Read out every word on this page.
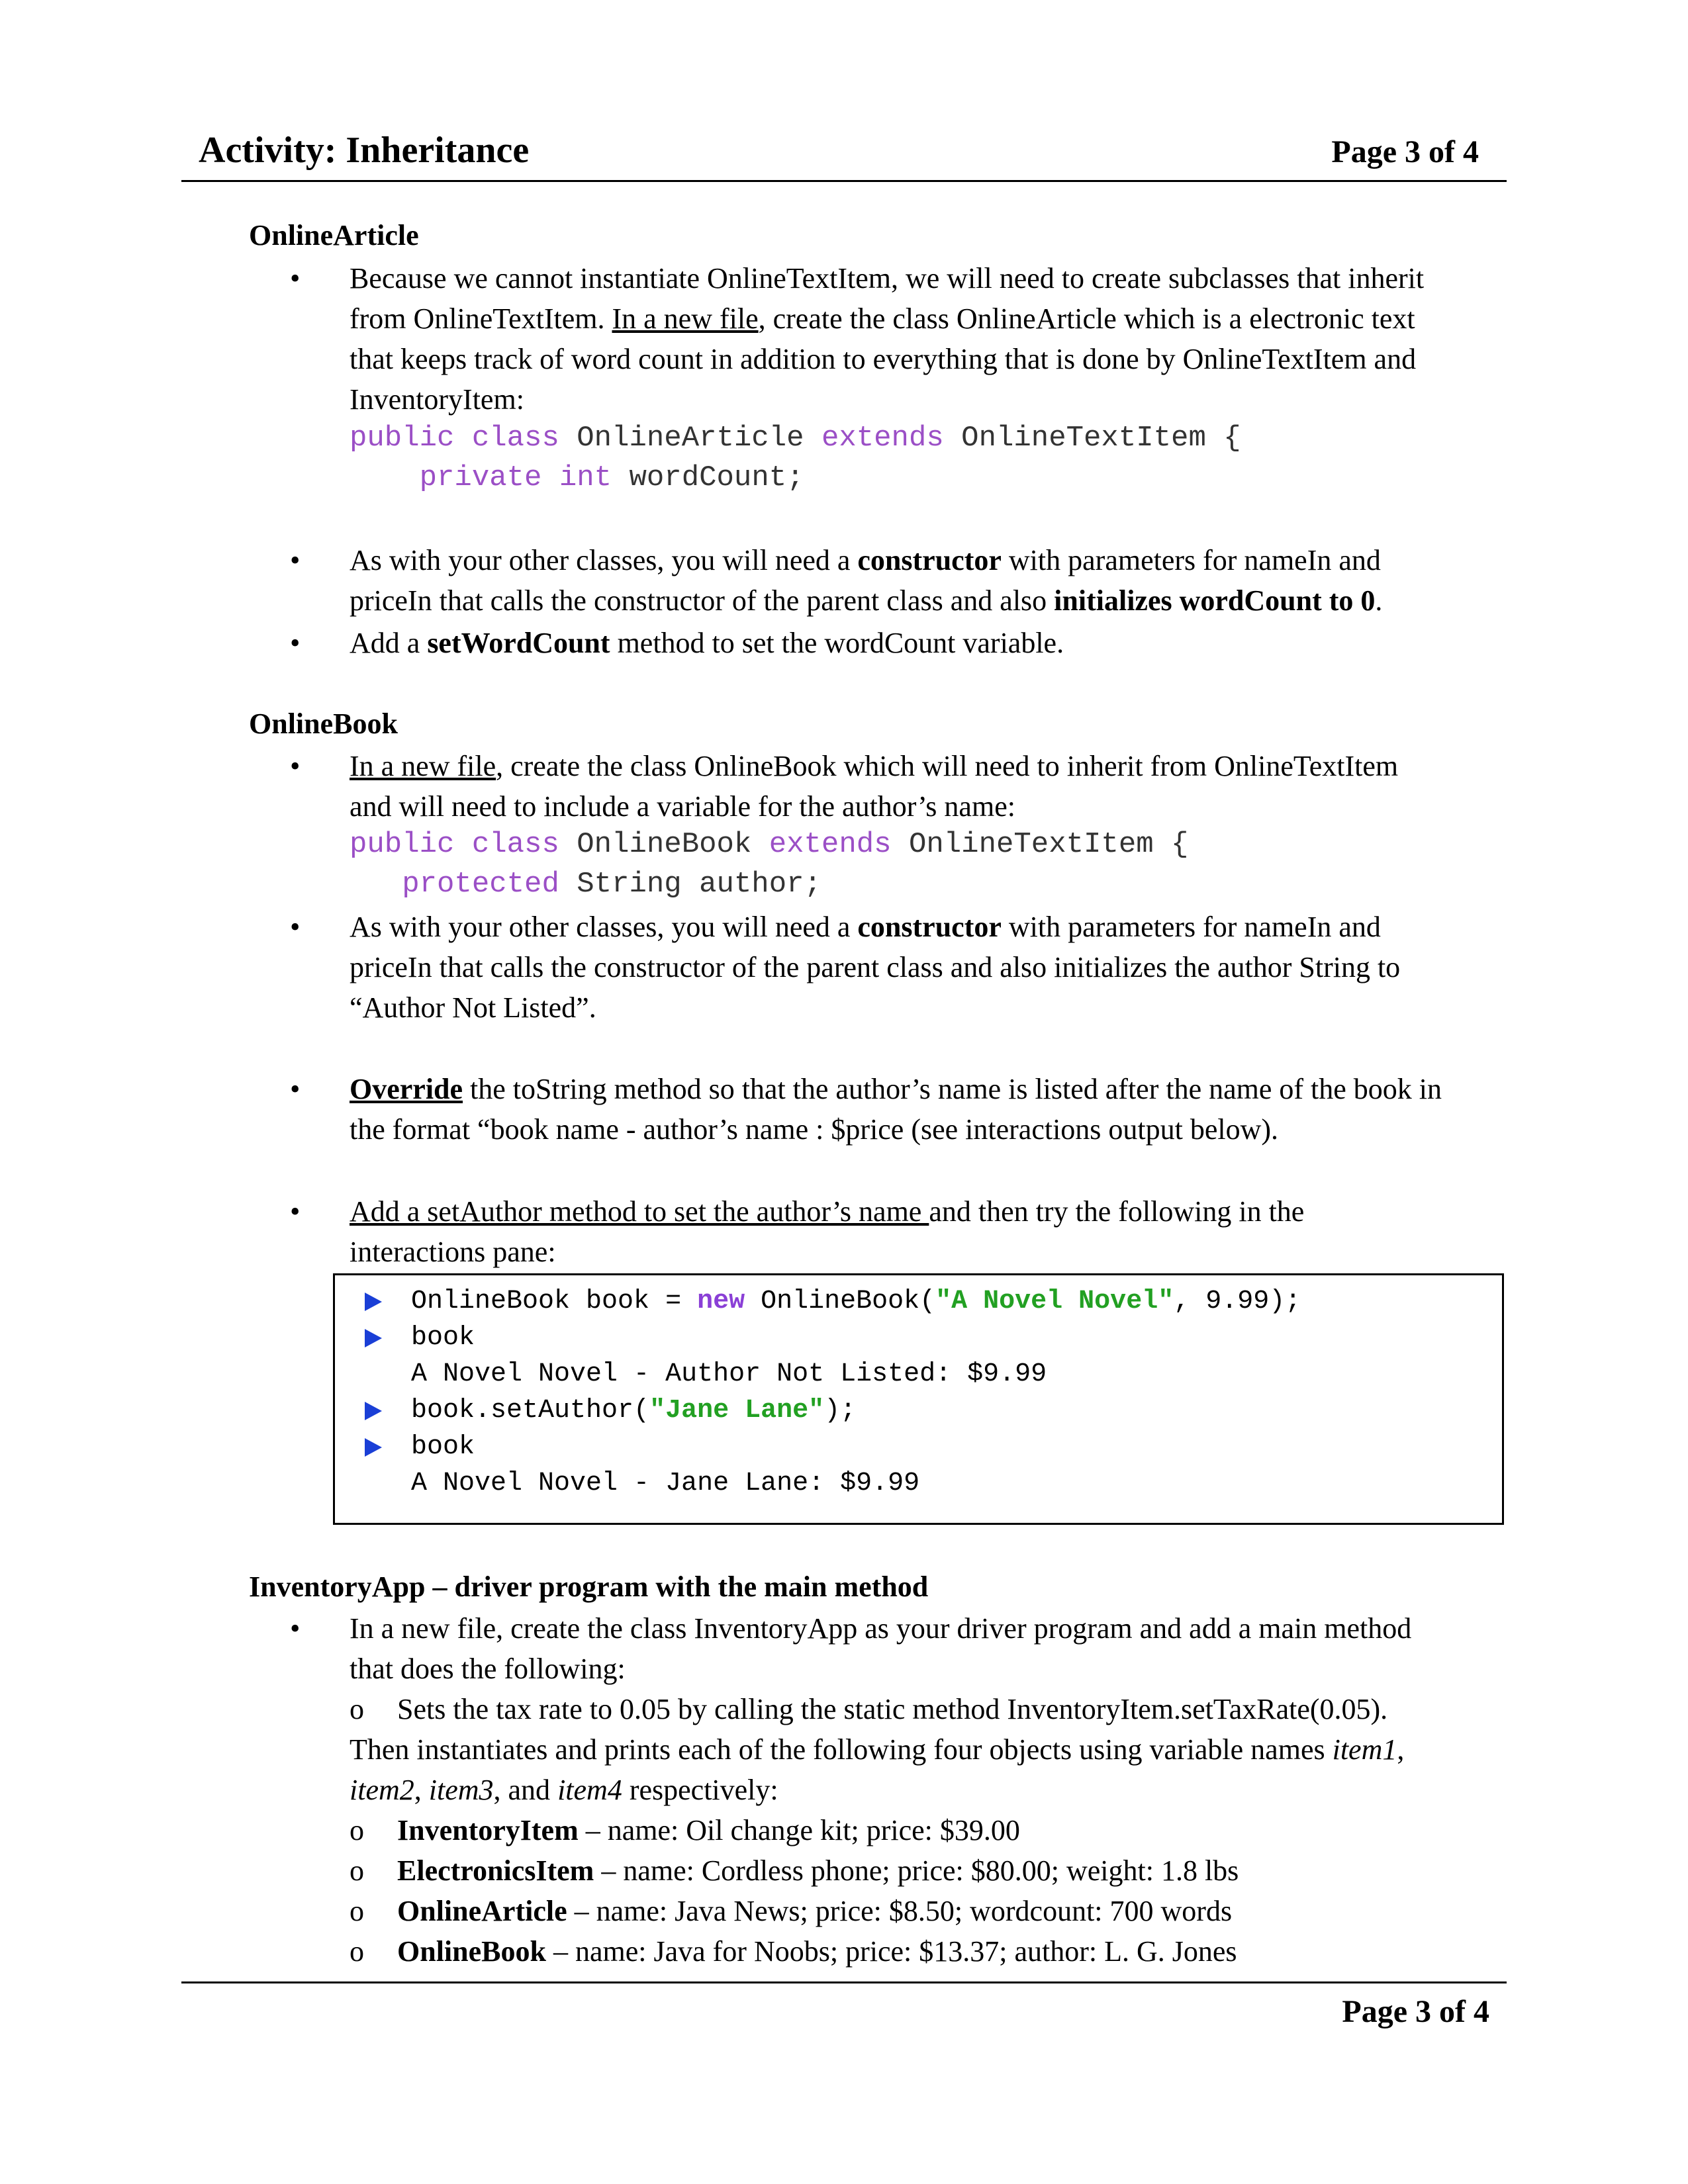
Activity: Inheritance	Page 3 of 4
OnlineArticle
• Because we cannot instantiate OnlineTextItem, we will need to create subclasses that inherit

from OnlineTextItem. In a new file, create the class OnlineArticle which is a electronic text

that keeps track of word count in addition to everything that is done by OnlineTextItem and

InventoryItem:

public class OnlineArticle extends OnlineTextItem {
private int wordCount;
• As with your other classes, you will need a constructor with parameters for nameIn and

priceIn that calls the constructor of the parent class and also initializes wordCount to 0.

• Add a setWordCount method to set the wordCount variable.

OnlineBook
• In a new file, create the class OnlineBook which will need to inherit from OnlineTextItem

and will need to include a variable for the author’s name:

public class OnlineBook extends OnlineTextItem {
protected String author;
• As with your other classes, you will need a constructor with parameters for nameIn and

priceIn that calls the constructor of the parent class and also initializes the author String to

“Author Not Listed”.

• Override the toString method so that the author’s name is listed after the name of the book in

the format “book name - author’s name : $price (see interactions output below).

• Add a setAuthor method to set the author’s name and then try the following in the

interactions pane:

OnlineBook book = new OnlineBook("A Novel Novel", 9.99);
book
A Novel Novel - Author Not Listed: $9.99
book.setAuthor("Jane Lane");
book
A Novel Novel - Jane Lane: $9.99
InventoryApp – driver program with the main method
• In a new file, create the class InventoryApp as your driver program and add a main method

that does the following:

o Sets the tax rate to 0.05 by calling the static method InventoryItem.setTaxRate(0.05).

Then instantiates and prints each of the following four objects using variable names item1,

item2, item3, and item4 respectively:

o InventoryItem – name: Oil change kit; price: $39.00
o ElectronicsItem – name: Cordless phone; price: $80.00; weight: 1.8 lbs
o OnlineArticle – name: Java News; price: $8.50; wordcount: 700 words
o OnlineBook – name: Java for Noobs; price: $13.37; author: L. G. Jones
Page 3 of 4
